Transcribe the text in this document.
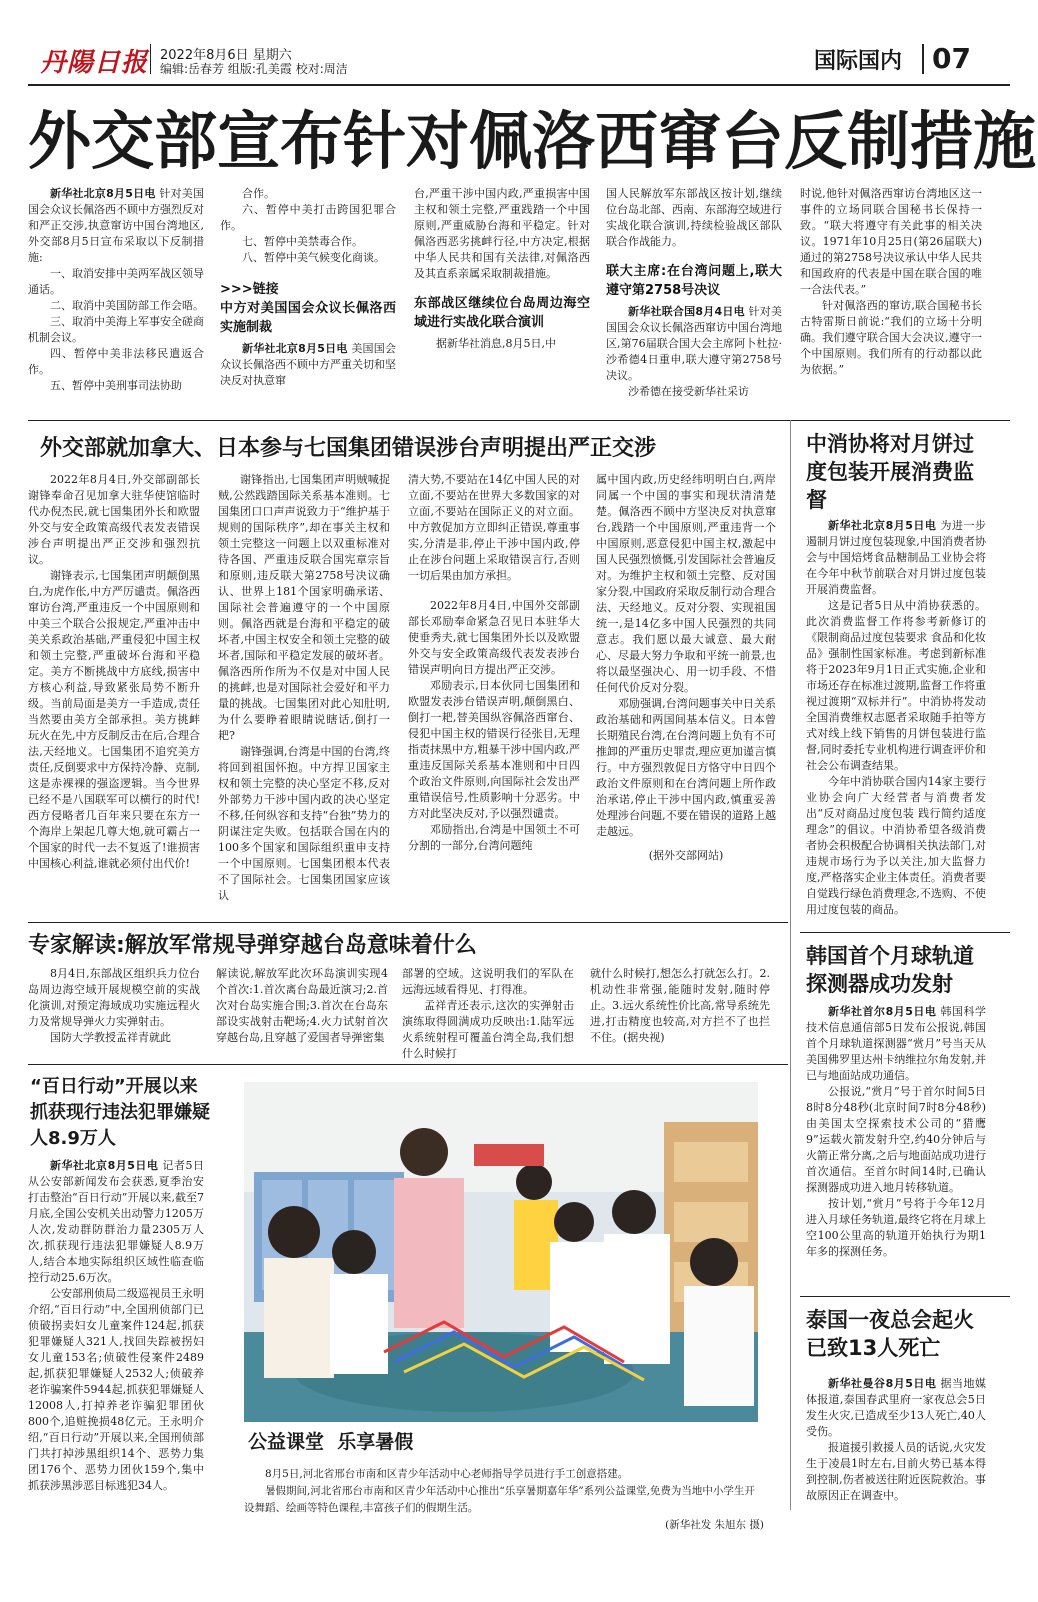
丹陽日报 2022年8月6日 星期六
编辑:岳春芳 组版:孔美霞 校对:周洁	国际国内 07
外交部宣布针对佩洛西窜台反制措施

新华社北京8月5日电 针对美国国会众议长佩洛西不顾中方强烈反对和严正交涉,执意窜访中国台湾地区,外交部8月5日宣布采取以下反制措施:

一、取消安排中美两军战区领导通话。

二、取消中美国防部工作会晤。

三、取消中美海上军事安全磋商机制会议。

四、暂停中美非法移民遣返合作。

五、暂停中美刑事司法协助

合作。

六、暂停中美打击跨国犯罪合作。

七、暂停中美禁毒合作。

八、暂停中美气候变化商谈。

>>>链接
中方对美国国会众议长佩洛西实施制裁

新华社北京8月5日电 美国国会众议长佩洛西不顾中方严重关切和坚决反对执意窜

台,严重干涉中国内政,严重损害中国主权和领土完整,严重践踏一个中国原则,严重威胁台海和平稳定。针对佩洛西恶劣挑衅行径,中方决定,根据中华人民共和国有关法律,对佩洛西及其直系亲属采取制裁措施。

东部战区继续位台岛周边海空域进行实战化联合演训

据新华社消息,8月5日,中

国人民解放军东部战区按计划,继续位台岛北部、西南、东部海空域进行实战化联合演训,持续检验战区部队联合作战能力。

联大主席:在台湾问题上,联大遵守第2758号决议

新华社联合国8月4日电 针对美国国会众议长佩洛西窜访中国台湾地区,第76届联合国大会主席阿卜杜拉·沙希德4日重申,联大遵守第2758号决议。

沙希德在接受新华社采访

时说,他针对佩洛西窜访台湾地区这一事件的立场同联合国秘书长保持一致。“联大将遵守有关此事的相关决议。1971年10月25日(第26届联大)通过的第2758号决议承认中华人民共和国政府的代表是中国在联合国的唯一合法代表。”

针对佩洛西的窜访,联合国秘书长古特雷斯日前说:“我们的立场十分明确。我们遵守联合国大会决议,遵守一个中国原则。我们所有的行动都以此为依据。”

外交部就加拿大、日本参与七国集团错误涉台声明提出严正交涉

2022年8月4日,外交部副部长谢锋奉命召见加拿大驻华使馆临时代办倪杰民,就七国集团外长和欧盟外交与安全政策高级代表发表错误涉台声明提出严正交涉和强烈抗议。

谢锋表示,七国集团声明颠倒黑白,为虎作伥,中方严厉谴责。佩洛西窜访台湾,严重违反一个中国原则和中美三个联合公报规定,严重冲击中美关系政治基础,严重侵犯中国主权和领土完整,严重破坏台海和平稳定。美方不断挑战中方底线,损害中方核心利益,导致紧张局势不断升级。当前局面是美方一手造成,责任当然要由美方全部承担。美方挑衅玩火在先,中方反制反击在后,合理合法,天经地义。七国集团不追究美方责任,反倒要求中方保持冷静、克制,这是赤裸裸的强盗逻辑。当今世界已经不是八国联军可以横行的时代!西方侵略者几百年来只要在东方一个海岸上架起几尊大炮,就可霸占一个国家的时代一去不复返了!谁损害中国核心利益,谁就必须付出代价!

谢锋指出,七国集团声明贼喊捉贼,公然践踏国际关系基本准则。七国集团口口声声说致力于“维护基于规则的国际秩序”,却在事关主权和领土完整这一问题上以双重标准对待各国、严重违反联合国宪章宗旨和原则,违反联大第2758号决议确认、世界上181个国家明确承诺、国际社会普遍遵守的一个中国原则。佩洛西就是台海和平稳定的破坏者,中国主权安全和领土完整的破坏者,国际和平稳定发展的破坏者。佩洛西所作所为不仅是对中国人民的挑衅,也是对国际社会爱好和平力量的挑战。七国集团对此心知肚明,为什么要睁着眼睛说瞎话,倒打一耙?

谢锋强调,台湾是中国的台湾,终将回到祖国怀抱。中方捍卫国家主权和领土完整的决心坚定不移,反对外部势力干涉中国内政的决心坚定不移,任何纵容和支持“台独”势力的阴谋注定失败。包括联合国在内的100多个国家和国际组织重申支持一个中国原则。七国集团根本代表不了国际社会。七国集团国家应该认

清大势,不要站在14亿中国人民的对立面,不要站在世界大多数国家的对立面,不要站在国际正义的对立面。中方敦促加方立即纠正错误,尊重事实,分清是非,停止干涉中国内政,停止在涉台问题上采取错误言行,否则一切后果由加方承担。

2022年8月4日,中国外交部副部长邓励奉命紧急召见日本驻华大使垂秀夫,就七国集团外长以及欧盟外交与安全政策高级代表发表涉台错误声明向日方提出严正交涉。

邓励表示,日本伙同七国集团和欧盟发表涉台错误声明,颠倒黑白、倒打一耙,替美国纵容佩洛西窜台、侵犯中国主权的错误行径张目,无理指责抹黑中方,粗暴干涉中国内政,严重违反国际关系基本准则和中日四个政治文件原则,向国际社会发出严重错误信号,性质影响十分恶劣。中方对此坚决反对,予以强烈谴责。

邓励指出,台湾是中国领土不可分割的一部分,台湾问题纯

属中国内政,历史经纬明明白白,两岸同属一个中国的事实和现状清清楚楚。佩洛西不顾中方坚决反对执意窜台,践踏一个中国原则,严重违背一个中国原则,恶意侵犯中国主权,激起中国人民强烈愤慨,引发国际社会普遍反对。为维护主权和领土完整、反对国家分裂,中国政府采取反制行动合理合法、天经地义。反对分裂、实现祖国统一,是14亿多中国人民强烈的共同意志。我们愿以最大诚意、最大耐心、尽最大努力争取和平统一前景,也将以最坚强决心、用一切手段、不惜任何代价反对分裂。

邓励强调,台湾问题事关中日关系政治基础和两国间基本信义。日本曾长期殖民台湾,在台湾问题上负有不可推卸的严重历史罪责,理应更加谨言慎行。中方强烈敦促日方恪守中日四个政治文件原则和在台湾问题上所作政治承诺,停止干涉中国内政,慎重妥善处理涉台问题,不要在错误的道路上越走越远。

(据外交部网站)
中消协将对月饼过度包装开展消费监督

新华社北京8月5日电 为进一步遏制月饼过度包装现象,中国消费者协会与中国焙烤食品糖制品工业协会将在今年中秋节前联合对月饼过度包装开展消费监督。

这是记者5日从中消协获悉的。此次消费监督工作将参考新修订的《限制商品过度包装要求 食品和化妆品》强制性国家标准。考虑到新标准将于2023年9月1日正式实施,企业和市场还存在标准过渡期,监督工作将重视过渡期“双标并行”。中消协将发动全国消费维权志愿者采取随手拍等方式对线上线下销售的月饼包装进行监督,同时委托专业机构进行调查评价和社会公布调查结果。

今年中消协联合国内14家主要行业协会向广大经营者与消费者发出“反对商品过度包装 践行简约适度理念”的倡议。中消协希望各级消费者协会积极配合协调相关执法部门,对违规市场行为予以关注,加大监督力度,严格落实企业主体责任。消费者要自觉践行绿色消费理念,不选购、不使用过度包装的商品。

专家解读:解放军常规导弹穿越台岛意味着什么

8月4日,东部战区组织兵力位台岛周边海空域开展规模空前的实战化演训,对预定海域成功实施远程火力及常规导弹火力实弹射击。

国防大学教授孟祥青就此

解读说,解放军此次环岛演训实现4个首次:1.首次离台岛最近演习;2.首次对台岛实施合围;3.首次在台岛东部设实战射击靶场;4.火力试射首次穿越台岛,且穿越了爱国者导弹密集

部署的空域。这说明我们的军队在远海远域看得见、打得准。

孟祥青还表示,这次的实弹射击演练取得圆满成功反映出:1.陆军远火系统射程可覆盖台湾全岛,我们想什么时候打

就什么时候打,想怎么打就怎么打。2.机动性非常强,能随时发射,随时停止。3.远火系统性价比高,常导系统先进,打击精度也较高,对方拦不了也拦不住。(据央视)

韩国首个月球轨道探测器成功发射

新华社首尔8月5日电 韩国科学技术信息通信部5日发布公报说,韩国首个月球轨道探测器“赏月”号当天从美国佛罗里达州卡纳维拉尔角发射,并已与地面站成功通信。

公报说,“赏月”号于首尔时间5日8时8分48秒(北京时间7时8分48秒)由美国太空探索技术公司的“猎鹰9”运载火箭发射升空,约40分钟后与火箭正常分离,之后与地面站成功进行首次通信。至首尔时间14时,已确认探测器成功进入地月转移轨道。

按计划,“赏月”号将于今年12月进入月球任务轨道,最终它将在月球上空100公里高的轨道开始执行为期1年多的探测任务。

“百日行动”开展以来抓获现行违法犯罪嫌疑人8.9万人

新华社北京8月5日电 记者5日从公安部新闻发布会获悉,夏季治安打击整治“百日行动”开展以来,截至7月底,全国公安机关出动警力1205万人次,发动群防群治力量2305万人次,抓获现行违法犯罪嫌疑人8.9万人,结合本地实际组织区域性临查临控行动25.6万次。

公安部刑侦局二级巡视员王永明介绍,“百日行动”中,全国刑侦部门已侦破拐卖妇女儿童案件124起,抓获犯罪嫌疑人321人,找回失踪被拐妇女儿童153名;侦破性侵案件2489起,抓获犯罪嫌疑人2532人;侦破养老诈骗案件5944起,抓获犯罪嫌疑人12008人,打掉养老诈骗犯罪团伙800个,追赃挽损48亿元。王永明介绍,“百日行动”开展以来,全国刑侦部门共打掉涉黑组织14个、恶势力集团176个、恶势力团伙159个,集中抓获涉黑涉恶目标逃犯34人。

公益课堂  乐享暑假
8月5日,河北省邢台市南和区青少年活动中心老师指导学员进行手工创意搭建。
暑假期间,河北省邢台市南和区青少年活动中心推出“乐享暑期嘉年华”系列公益课堂,免费为当地中小学生开设舞蹈、绘画等特色课程,丰富孩子们的假期生活。
(新华社发 朱旭东 摄)
泰国一夜总会起火已致13人死亡

新华社曼谷8月5日电 据当地媒体报道,泰国春武里府一家夜总会5日发生火灾,已造成至少13人死亡,40人受伤。

报道援引救援人员的话说,火灾发生于凌晨1时左右,目前火势已基本得到控制,伤者被送往附近医院救治。事故原因正在调查中。
